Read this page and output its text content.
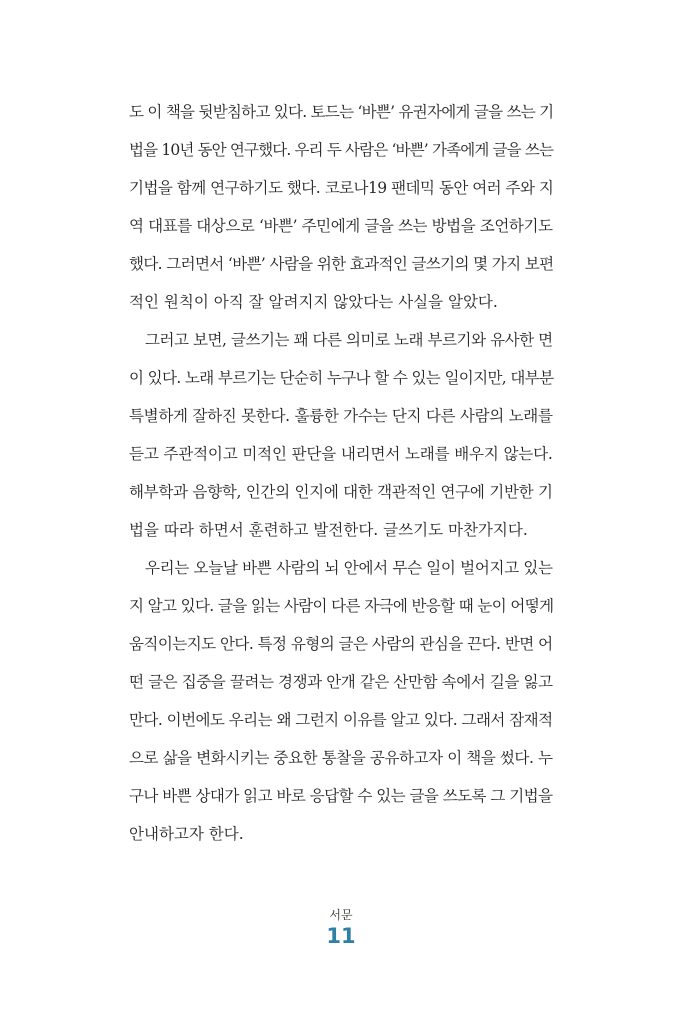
도 이 책을 뒷받침하고 있다. 토드는 ‘바쁜’ 유권자에게 글을 쓰는 기

법을 10년 동안 연구했다. 우리 두 사람은 ‘바쁜’ 가족에게 글을 쓰는

기법을 함께 연구하기도 했다. 코로나19 팬데믹 동안 여러 주와 지

역 대표를 대상으로 ‘바쁜’ 주민에게 글을 쓰는 방법을 조언하기도

했다. 그러면서 ‘바쁜’ 사람을 위한 효과적인 글쓰기의 몇 가지 보편

적인 원칙이 아직 잘 알려지지 않았다는 사실을 알았다.

그러고 보면, 글쓰기는 꽤 다른 의미로 노래 부르기와 유사한 면

이 있다. 노래 부르기는 단순히 누구나 할 수 있는 일이지만, 대부분

특별하게 잘하진 못한다. 훌륭한 가수는 단지 다른 사람의 노래를

듣고 주관적이고 미적인 판단을 내리면서 노래를 배우지 않는다.

해부학과 음향학, 인간의 인지에 대한 객관적인 연구에 기반한 기

법을 따라 하면서 훈련하고 발전한다. 글쓰기도 마찬가지다.

우리는 오늘날 바쁜 사람의 뇌 안에서 무슨 일이 벌어지고 있는

지 알고 있다. 글을 읽는 사람이 다른 자극에 반응할 때 눈이 어떻게

움직이는지도 안다. 특정 유형의 글은 사람의 관심을 끈다. 반면 어

떤 글은 집중을 끌려는 경쟁과 안개 같은 산만함 속에서 길을 잃고

만다. 이번에도 우리는 왜 그런지 이유를 알고 있다. 그래서 잠재적

으로 삶을 변화시키는 중요한 통찰을 공유하고자 이 책을 썼다. 누

구나 바쁜 상대가 읽고 바로 응답할 수 있는 글을 쓰도록 그 기법을

안내하고자 한다.

서문
11
